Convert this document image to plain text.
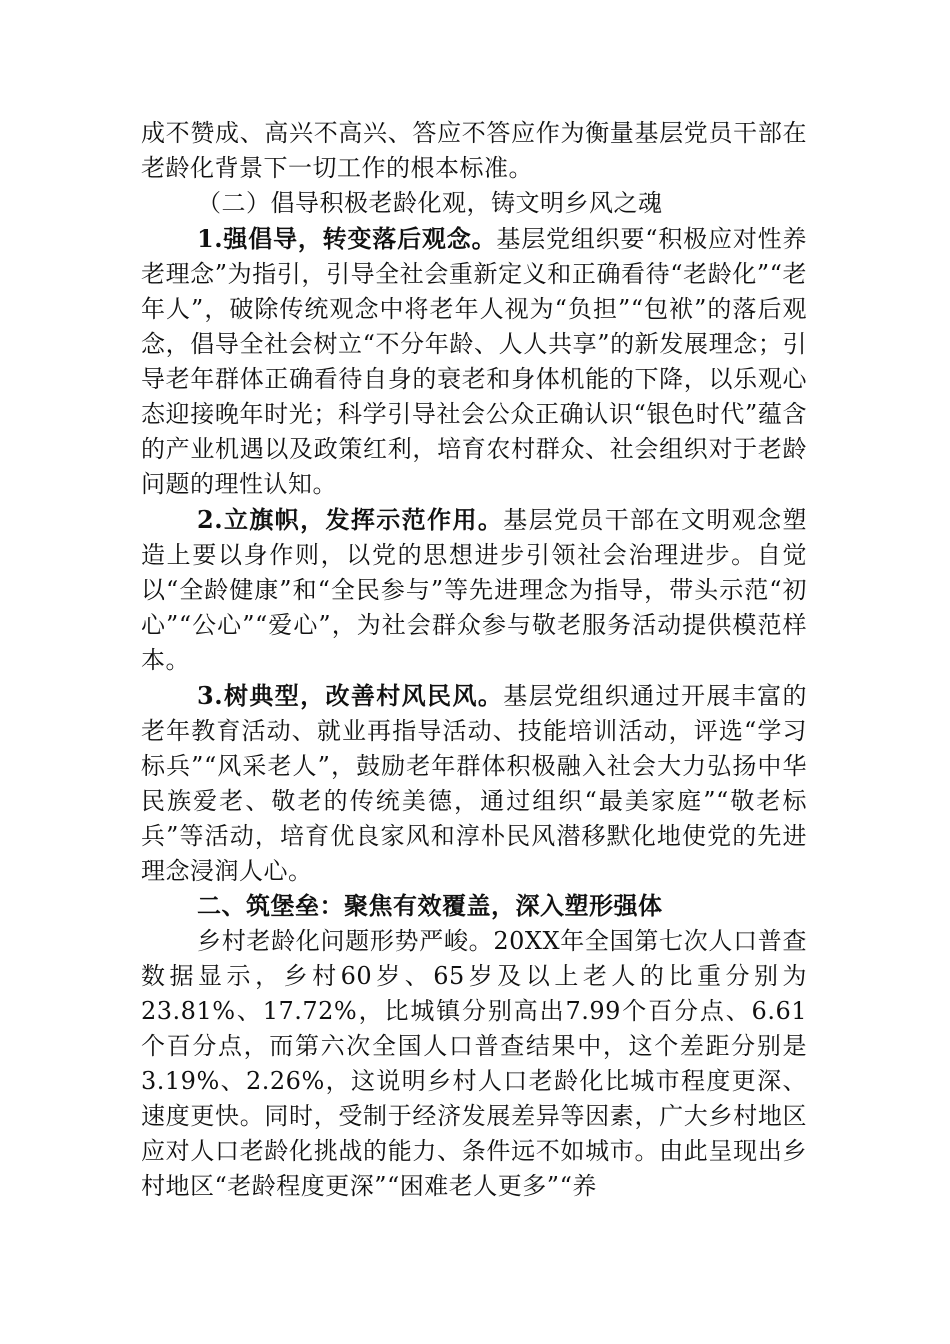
成不赞成、高兴不高兴、答应不答应作为衡量基层党员干部在老龄化背景下一切工作的根本标准。

（二）倡导积极老龄化观，铸文明乡风之魂

1.强倡导，转变落后观念。基层党组织要“积极应对性养老理念”为指引，引导全社会重新定义和正确看待“老龄化”“老年人”，破除传统观念中将老年人视为“负担”“包袱”的落后观念，倡导全社会树立“不分年龄、人人共享”的新发展理念；引导老年群体正确看待自身的衰老和身体机能的下降，以乐观心态迎接晚年时光；科学引导社会公众正确认识“银色时代”蕴含的产业机遇以及政策红利，培育农村群众、社会组织对于老龄问题的理性认知。

2.立旗帜，发挥示范作用。基层党员干部在文明观念塑造上要以身作则，以党的思想进步引领社会治理进步。自觉以“全龄健康”和“全民参与”等先进理念为指导，带头示范“初心”“公心”“爱心”，为社会群众参与敬老服务活动提供模范样本。

3.树典型，改善村风民风。基层党组织通过开展丰富的老年教育活动、就业再指导活动、技能培训活动，评选“学习标兵”“风采老人”，鼓励老年群体积极融入社会大力弘扬中华民族爱老、敬老的传统美德，通过组织“最美家庭”“敬老标兵”等活动，培育优良家风和淳朴民风潜移默化地使党的先进理念浸润人心。

二、筑堡垒：聚焦有效覆盖，深入塑形强体

乡村老龄化问题形势严峻。20XX年全国第七次人口普查数据显示，乡村60岁、65岁及以上老人的比重分别为23.81%、17.72%，比城镇分别高出7.99个百分点、6.61个百分点，而第六次全国人口普查结果中，这个差距分别是3.19%、2.26%，这说明乡村人口老龄化比城市程度更深、速度更快。同时，受制于经济发展差异等因素，广大乡村地区应对人口老龄化挑战的能力、条件远不如城市。由此呈现出乡村地区“老龄程度更深”“困难老人更多”“养
